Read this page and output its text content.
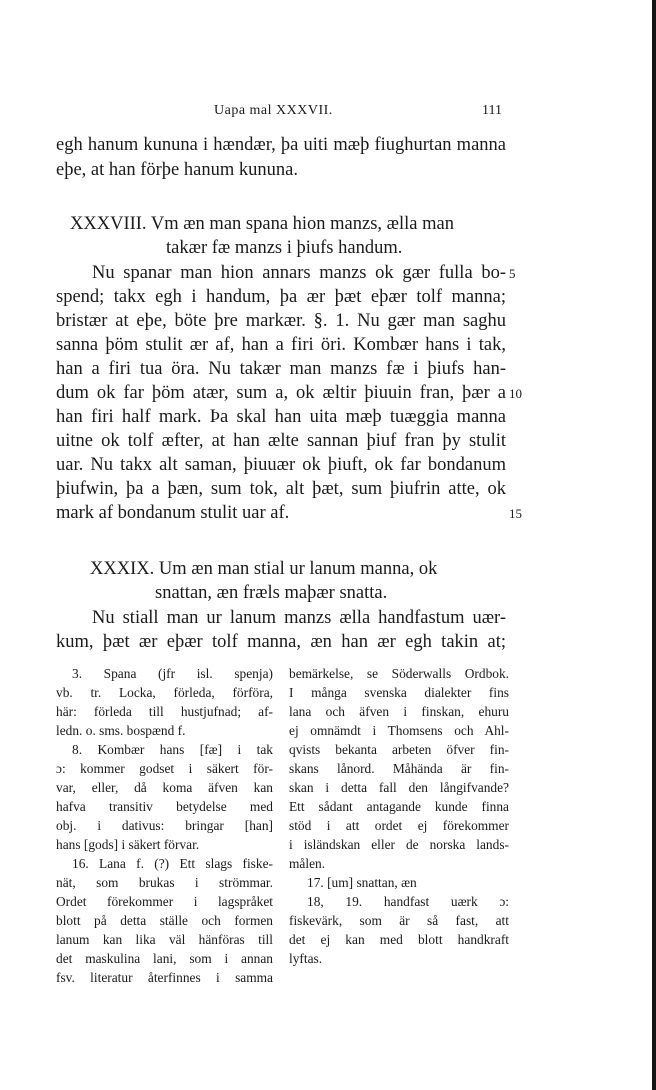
Uapa mal XXXVII.	111
egh hanum kununa i hændær, þa uiti mæþ fiughurtan manna
eþe, at han förþe hanum kununa.
XXXVIII. Vm æn man spana hion manzs, ælla man
takær fæ manzs i þiufs handum.
Nu spanar man hion annars manzs ok gær fulla bo-
spend; takx egh i handum, þa ær þæt eþær tolf manna;
bristær at eþe, böte þre markær. §. 1. Nu gær man saghu
sanna þöm stulit ær af, han a firi öri. Kombær hans i tak,
han a firi tua öra. Nu takær man manzs fæ i þiufs han-
dum ok far þöm atær, sum a, ok æltir þiuuin fran, þær a
han firi half mark. Þa skal han uita mæþ tuæggia manna
uitne ok tolf æfter, at han ælte sannan þiuf fran þy stulit
uar. Nu takx alt saman, þiuuær ok þiuft, ok far bondanum
þiufwin, þa a þæn, sum tok, alt þæt, sum þiufrin atte, ok
mark af bondanum stulit uar af.
5
10
15
XXXIX. Um æn man stial ur lanum manna, ok
snattan, æn fræls maþær snatta.
Nu stiall man ur lanum manzs ælla handfastum uær-
kum, þæt ær eþær tolf manna, æn han ær egh takin at;
3. Spana (jfr isl. spenja)
vb. tr. Locka, förleda, förföra,
här: förleda till hustjufnad; af-
ledn. o. sms. bospænd f.
8. Kombær hans [fæ] i tak
ɔ: kommer godset i säkert för-
var, eller, då koma äfven kan
hafva transitiv betydelse med
obj. i dativus: bringar [han]
hans [gods] i säkert förvar.
16. Lana f. (?) Ett slags fiske-
nät, som brukas i strömmar.
Ordet förekommer i lagspråket
blott på detta ställe och formen
lanum kan lika väl hänföras till
det maskulina lani, som i annan
fsv. literatur återfinnes i samma
bemärkelse, se Söderwalls Ordbok.
I många svenska dialekter fins
lana och äfven i finskan, ehuru
ej omnämdt i Thomsens och Ahl-
qvists bekanta arbeten öfver fin-
skans lånord. Måhända är fin-
skan i detta fall den långifvande?
Ett sådant antagande kunde finna
stöd i att ordet ej förekommer
i isländskan eller de norska lands-
målen.
17. [um] snattan, æn
18, 19. handfast uærk ɔ:
fiskevärk, som är så fast, att
det ej kan med blott handkraft
lyftas.
